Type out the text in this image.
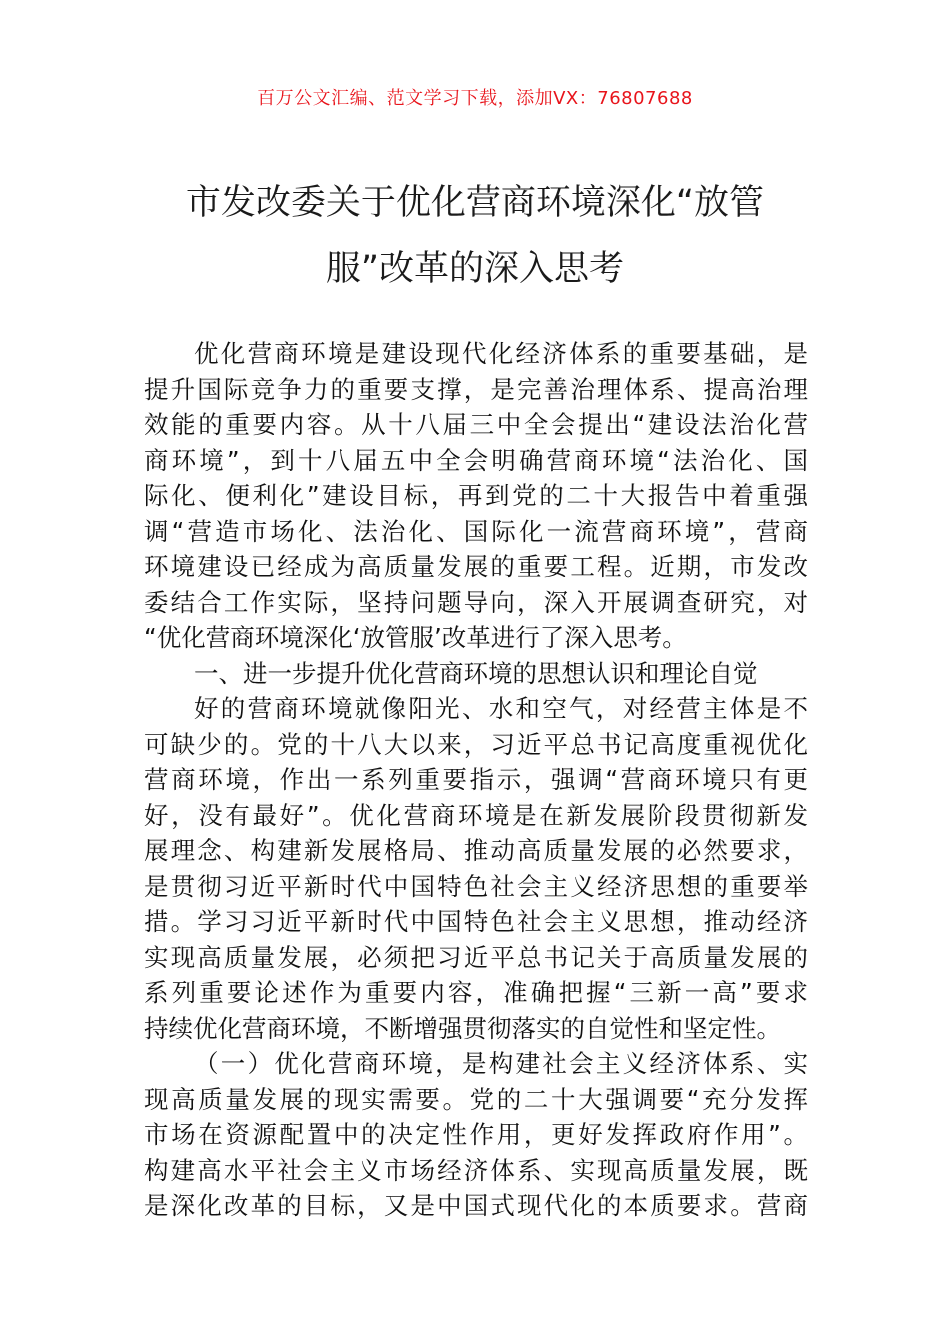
百万公文汇编、范文学习下载，添加VX：76807688
市发改委关于优化营商环境深化“放管
服”改革的深入思考
优化营商环境是建设现代化经济体系的重要基础，是
提升国际竞争力的重要支撑，是完善治理体系、提高治理
效能的重要内容。从十八届三中全会提出“建设法治化营
商环境”，到十八届五中全会明确营商环境“法治化、国
际化、便利化”建设目标，再到党的二十大报告中着重强
调“营造市场化、法治化、国际化一流营商环境”，营商
环境建设已经成为高质量发展的重要工程。近期，市发改
委结合工作实际，坚持问题导向，深入开展调查研究，对
“优化营商环境深化‘放管服’改革进行了深入思考。
一、进一步提升优化营商环境的思想认识和理论自觉
好的营商环境就像阳光、水和空气，对经营主体是不
可缺少的。党的十八大以来，习近平总书记高度重视优化
营商环境，作出一系列重要指示，强调“营商环境只有更
好，没有最好”。优化营商环境是在新发展阶段贯彻新发
展理念、构建新发展格局、推动高质量发展的必然要求，
是贯彻习近平新时代中国特色社会主义经济思想的重要举
措。学习习近平新时代中国特色社会主义思想，推动经济
实现高质量发展，必须把习近平总书记关于高质量发展的
系列重要论述作为重要内容，准确把握“三新一高”要求
持续优化营商环境，不断增强贯彻落实的自觉性和坚定性。
（一）优化营商环境，是构建社会主义经济体系、实
现高质量发展的现实需要。党的二十大强调要“充分发挥
市场在资源配置中的决定性作用，更好发挥政府作用”。
构建高水平社会主义市场经济体系、实现高质量发展，既
是深化改革的目标，又是中国式现代化的本质要求。营商
